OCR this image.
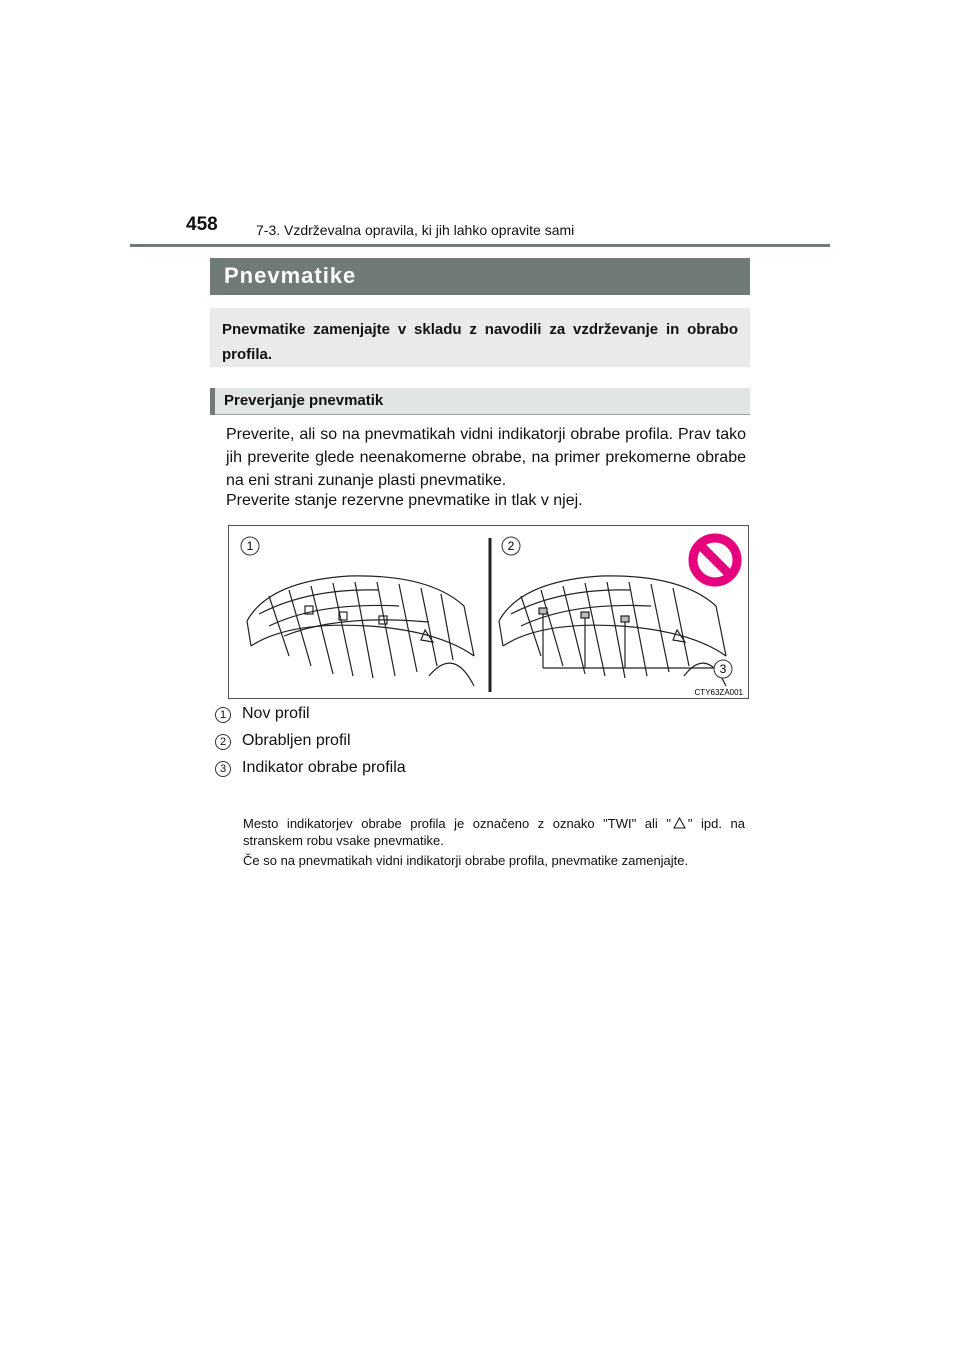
458	7-3. Vzdrževalna opravila, ki jih lahko opravite sami
Pnevmatike

Pnevmatike zamenjajte v skladu z navodili za vzdrževanje in obrabo profila.

Preverjanje pnevmatik

Preverite, ali so na pnevmatikah vidni indikatorji obrabe profila. Prav tako jih preverite glede neenakomerne obrabe, na primer prekomerne obrabe na eni strani zunanje plasti pnevmatike.

Preverite stanje rezervne pnevmatike in tlak v njej.

1	2
3
CTY63ZA001
1 Nov profil
2 Obrabljen profil
3 Indikator obrabe profila

Mesto indikatorjev obrabe profila je označeno z oznako "TWI" ali " " ipd. na stranskem robu vsake pnevmatike.

Če so na pnevmatikah vidni indikatorji obrabe profila, pnevmatike zamenjajte.
